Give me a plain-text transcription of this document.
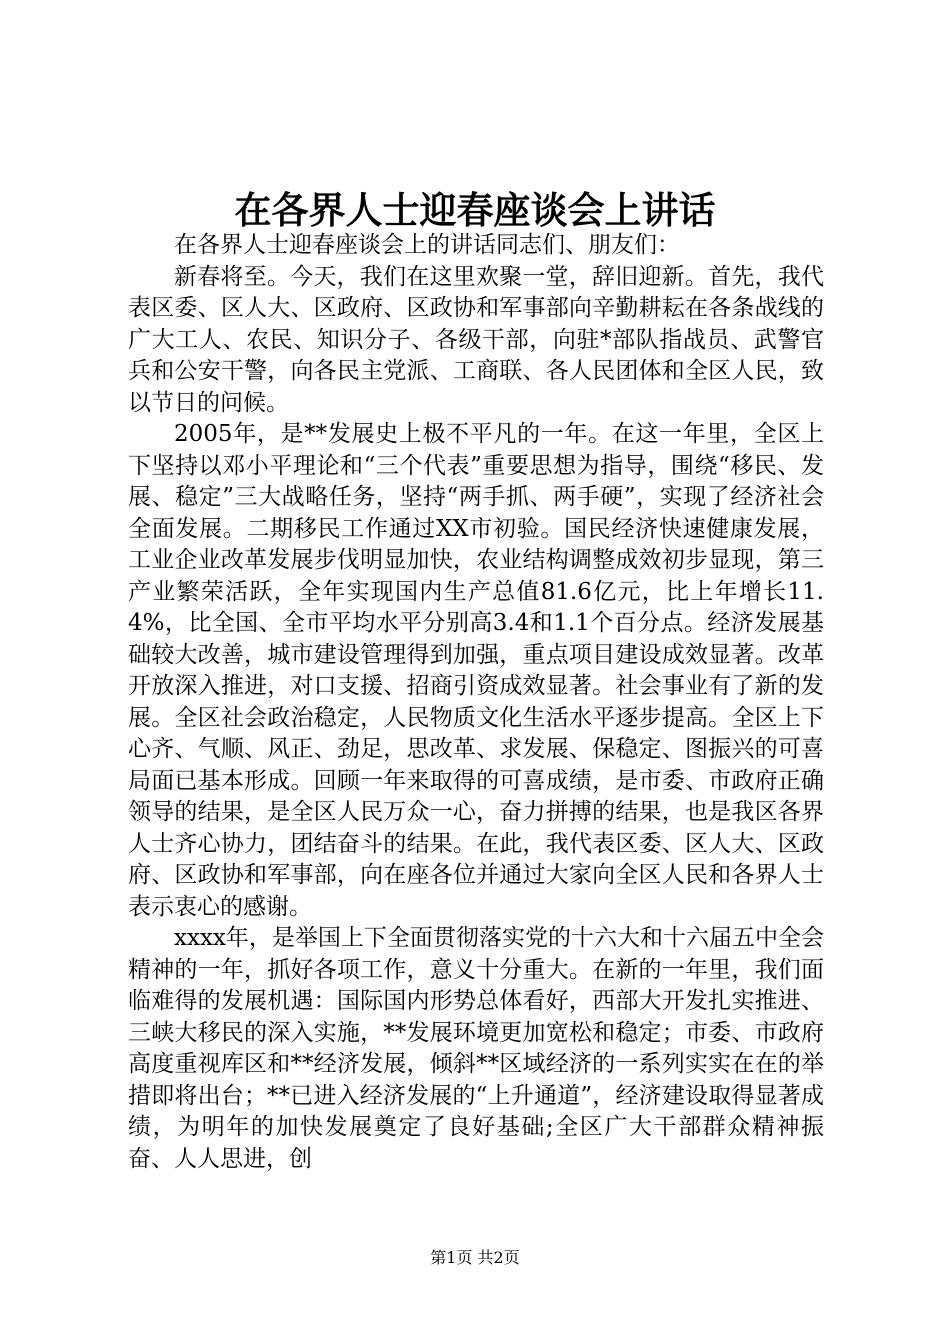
在各界人士迎春座谈会上讲话

在各界人士迎春座谈会上的讲话同志们、朋友们：

新春将至。今天，我们在这里欢聚一堂，辞旧迎新。首先，我代表区委、区人大、区政府、区政协和军事部向辛勤耕耘在各条战线的广大工人、农民、知识分子、各级干部，向驻*部队指战员、武警官兵和公安干警，向各民主党派、工商联、各人民团体和全区人民，致以节日的问候。

2005年，是**发展史上极不平凡的一年。在这一年里，全区上下坚持以邓小平理论和“三个代表”重要思想为指导，围绕“移民、发展、稳定”三大战略任务，坚持“两手抓、两手硬”，实现了经济社会全面发展。二期移民工作通过XX市初验。国民经济快速健康发展，工业企业改革发展步伐明显加快，农业结构调整成效初步显现，第三产业繁荣活跃，全年实现国内生产总值81.6亿元，比上年增长11.4%，比全国、全市平均水平分别高3.4和1.1个百分点。经济发展基础较大改善，城市建设管理得到加强，重点项目建设成效显著。改革开放深入推进，对口支援、招商引资成效显著。社会事业有了新的发展。全区社会政治稳定，人民物质文化生活水平逐步提高。全区上下心齐、气顺、风正、劲足，思改革、求发展、保稳定、图振兴的可喜局面已基本形成。回顾一年来取得的可喜成绩，是市委、市政府正确领导的结果，是全区人民万众一心，奋力拼搏的结果，也是我区各界人士齐心协力，团结奋斗的结果。在此，我代表区委、区人大、区政府、区政协和军事部，向在座各位并通过大家向全区人民和各界人士表示衷心的感谢。

xxxx年，是举国上下全面贯彻落实党的十六大和十六届五中全会精神的一年，抓好各项工作，意义十分重大。在新的一年里，我们面临难得的发展机遇：国际国内形势总体看好，西部大开发扎实推进、三峡大移民的深入实施，**发展环境更加宽松和稳定；市委、市政府高度重视库区和**经济发展，倾斜**区域经济的一系列实实在在的举措即将出台；**已进入经济发展的“上升通道”，经济建设取得显著成绩，为明年的加快发展奠定了良好基础;全区广大干部群众精神振奋、人人思进，创

第1页 共2页
